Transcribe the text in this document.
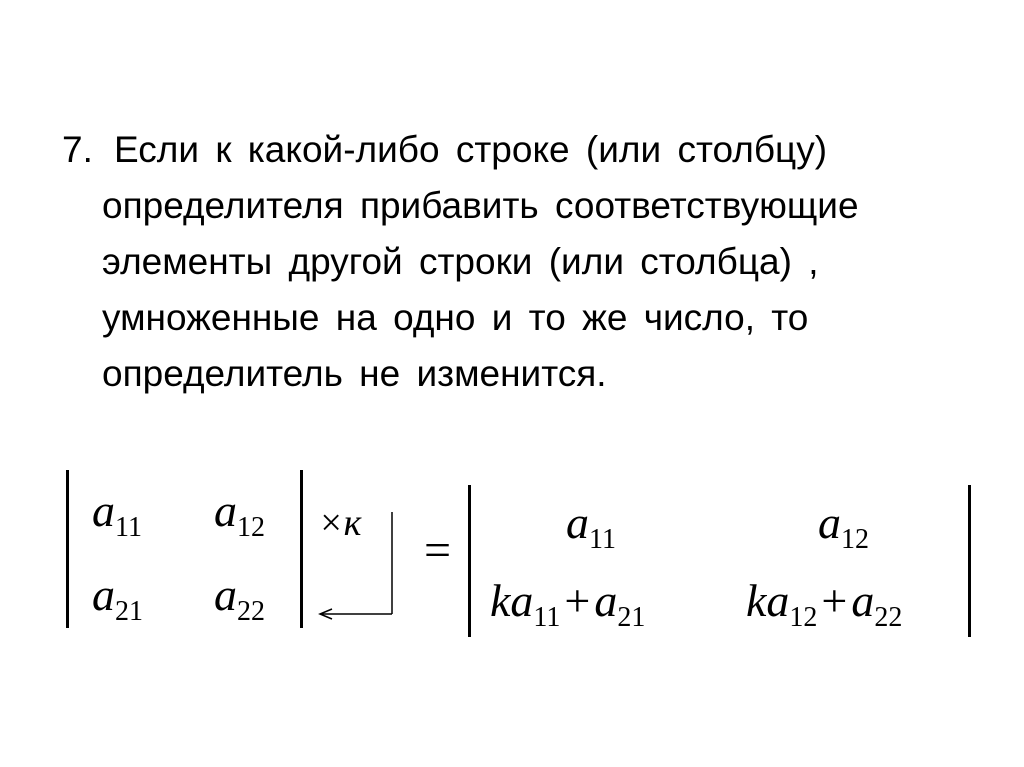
7. Если к какой-либо строке (или столбцу)
определителя прибавить соответствующие
элементы другой строки (или столбца) ,
умноженные на одно и то же число, то
определитель не изменится.
$a_{11}$ $a_{12}$
$a_{21}$ $a_{22}$
×к
=
$a_{11}$	$a_{12}$
$ka_{11}+a_{21}$ $ka_{12}+a_{22}$
